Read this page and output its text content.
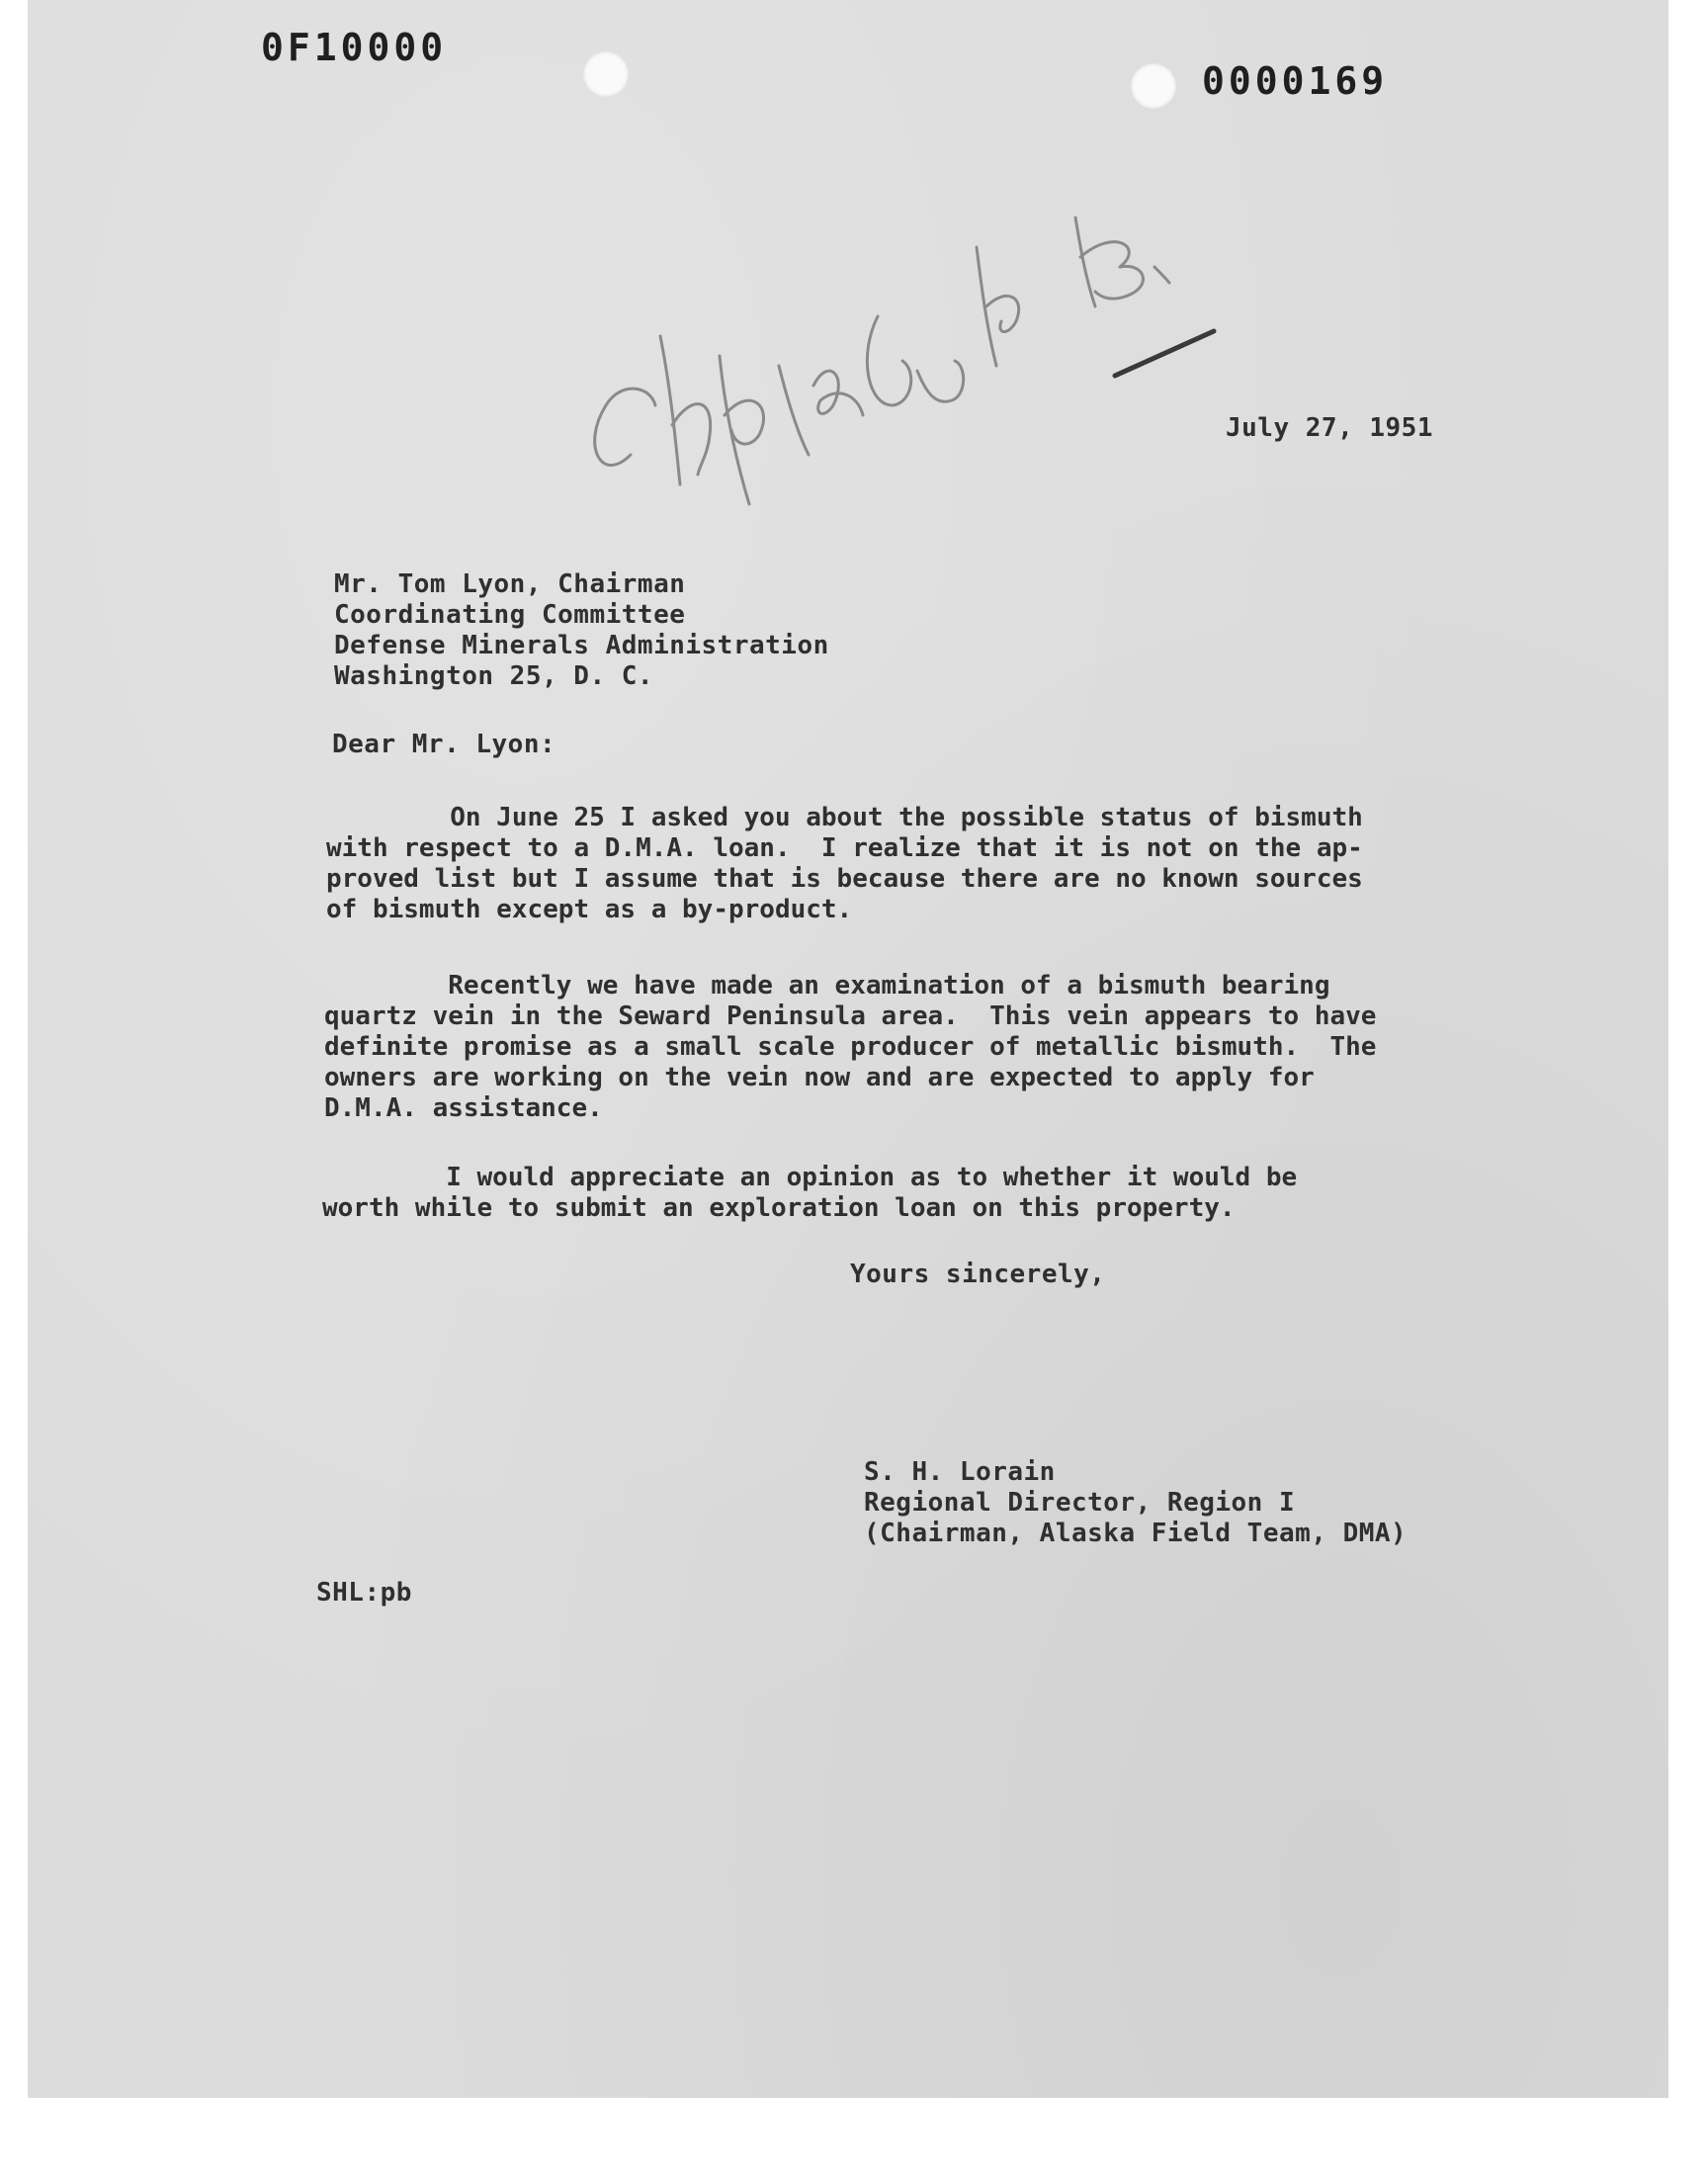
0F10000
0000169
July 27, 1951
Mr. Tom Lyon, Chairman
Coordinating Committee
Defense Minerals Administration
Washington 25, D. C.
Dear Mr. Lyon:
On June 25 I asked you about the possible status of bismuth
with respect to a D.M.A. loan.  I realize that it is not on the ap-
proved list but I assume that is because there are no known sources
of bismuth except as a by-product.
Recently we have made an examination of a bismuth bearing
quartz vein in the Seward Peninsula area.  This vein appears to have
definite promise as a small scale producer of metallic bismuth.  The
owners are working on the vein now and are expected to apply for
D.M.A. assistance.
I would appreciate an opinion as to whether it would be
worth while to submit an exploration loan on this property.
Yours sincerely,
S. H. Lorain
Regional Director, Region I
(Chairman, Alaska Field Team, DMA)
SHL:pb
